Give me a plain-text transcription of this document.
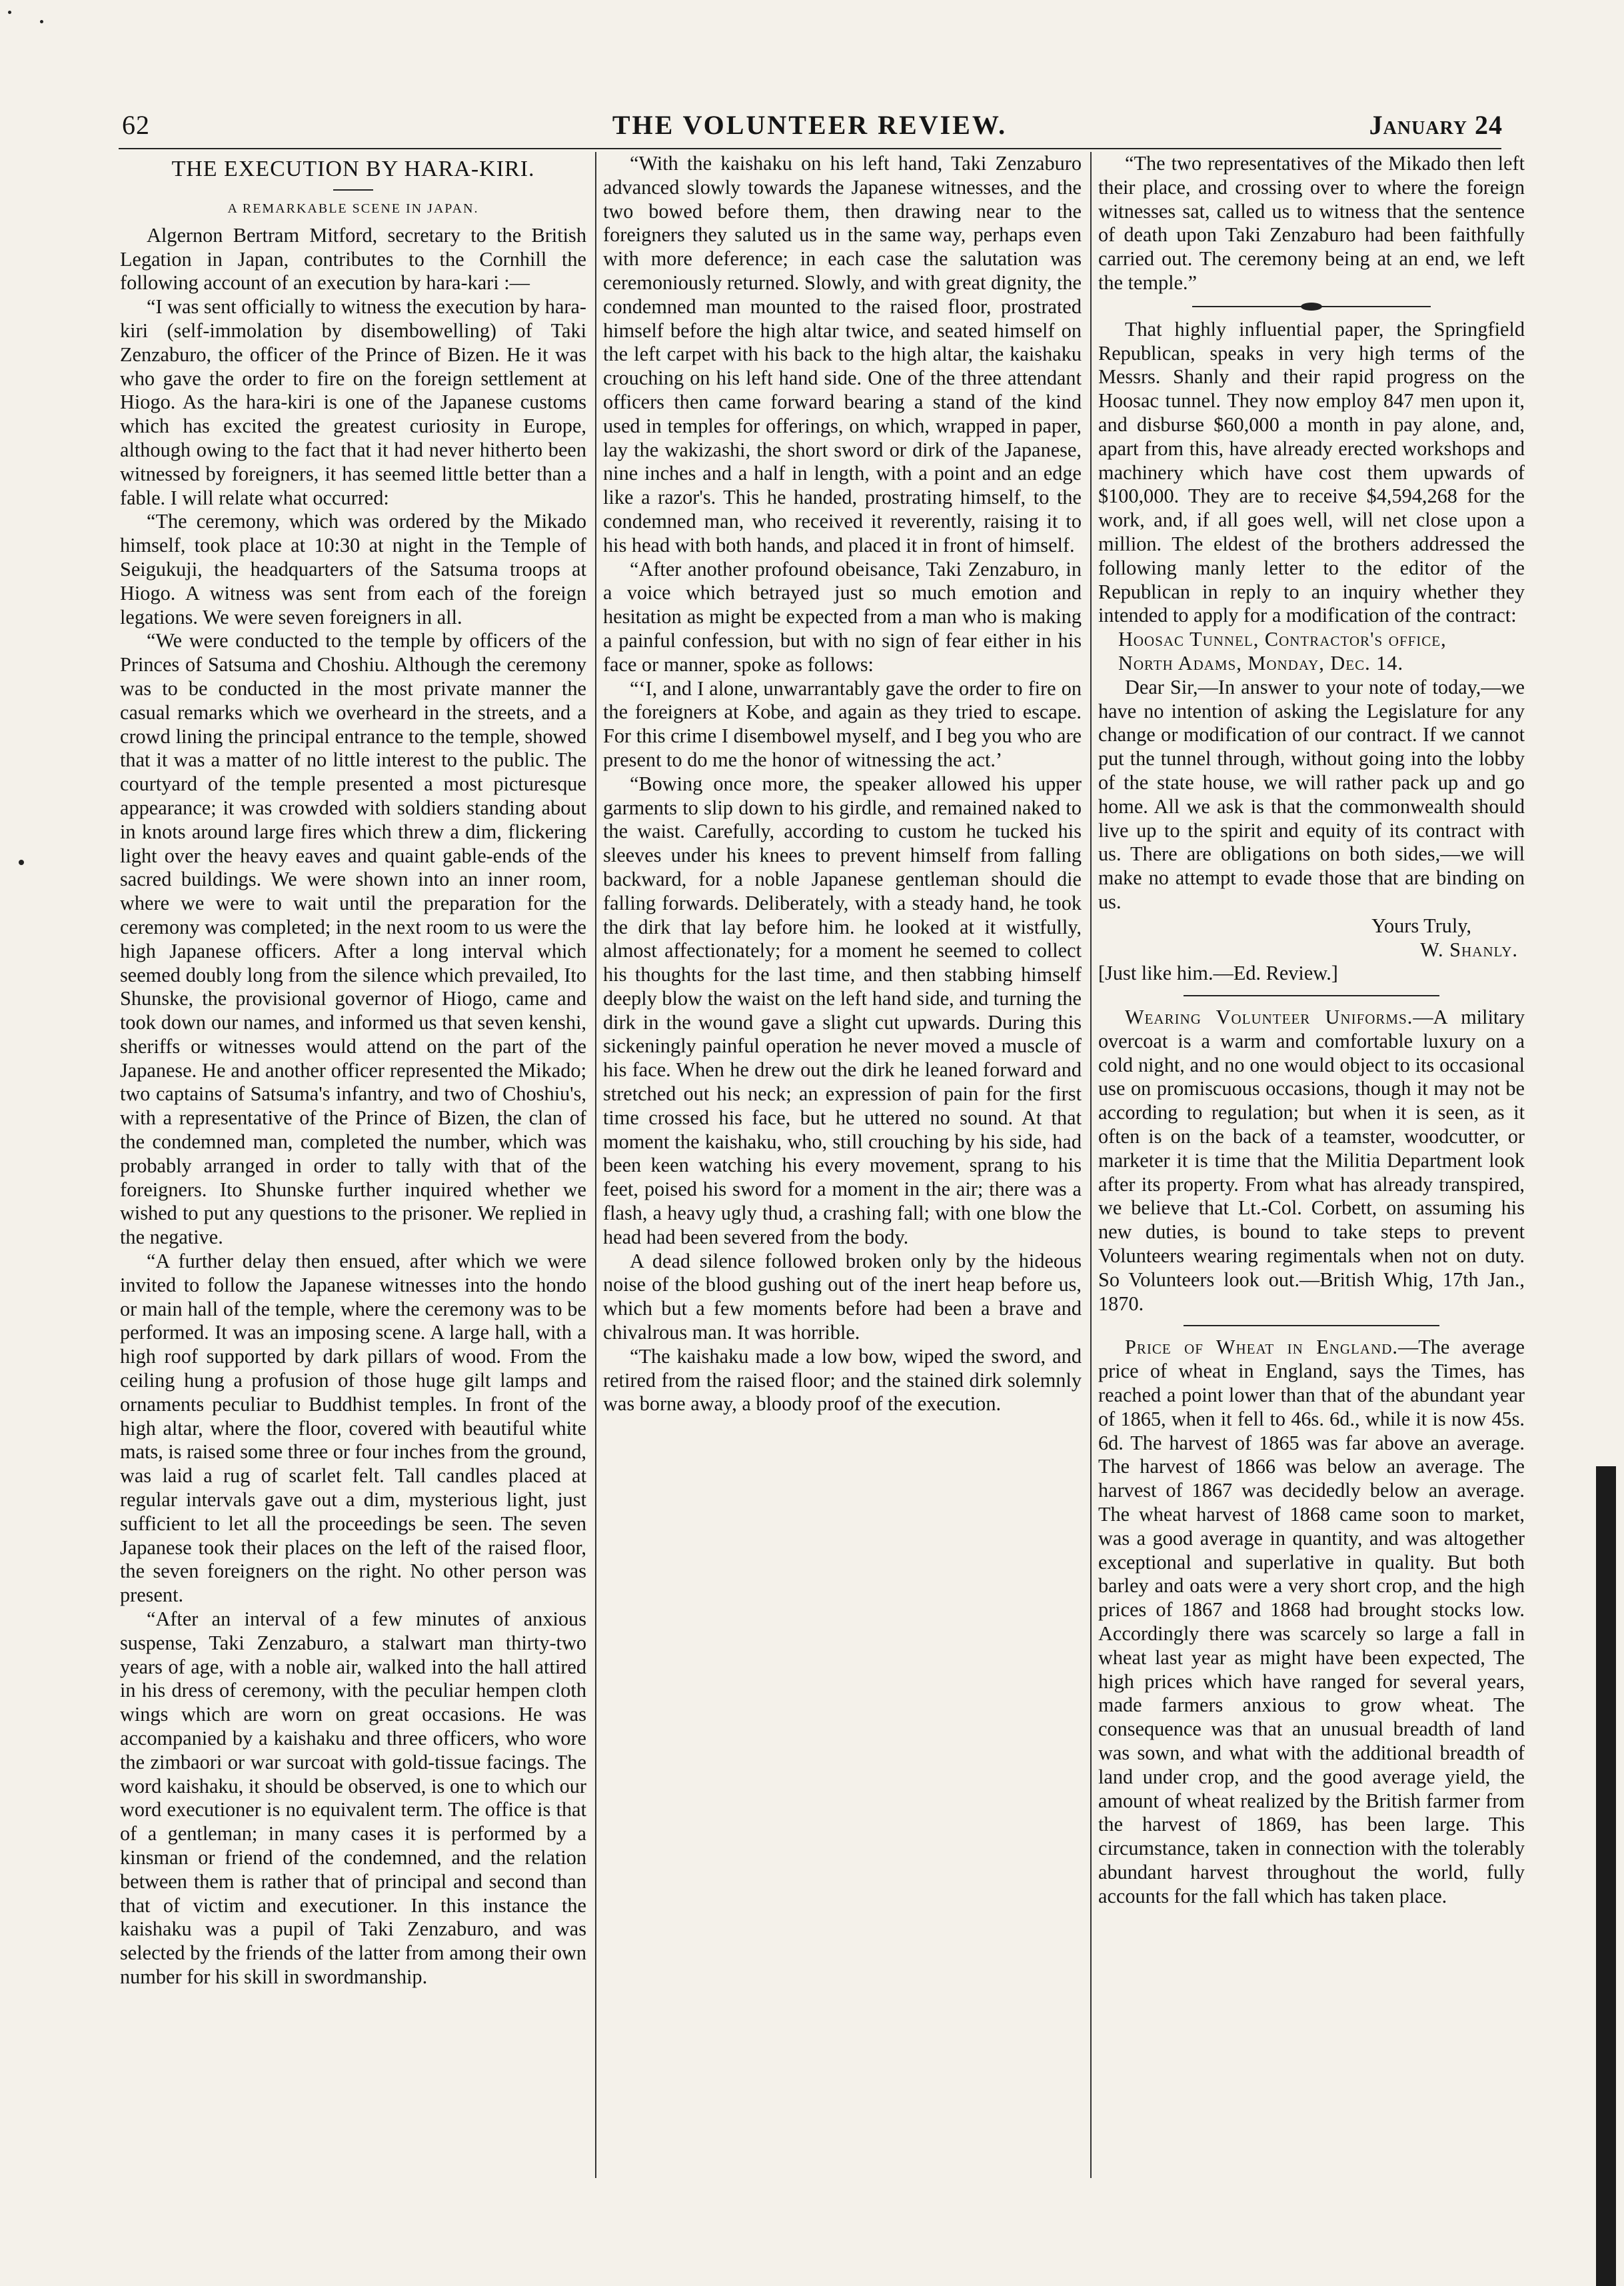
62	THE VOLUNTEER REVIEW.	January 24
THE EXECUTION BY HARA-KIRI.

A REMARKABLE SCENE IN JAPAN.

Algernon Bertram Mitford, secretary to the British Legation in Japan, contributes to the Cornhill the following account of an execution by hara-kari :—

“I was sent officially to witness the execution by hara-kiri (self-immolation by disembowelling) of Taki Zenzaburo, the officer of the Prince of Bizen. He it was who gave the order to fire on the foreign settlement at Hiogo. As the hara-kiri is one of the Japanese customs which has excited the greatest curiosity in Europe, although owing to the fact that it had never hitherto been witnessed by foreigners, it has seemed little better than a fable. I will relate what occurred:

“The ceremony, which was ordered by the Mikado himself, took place at 10:30 at night in the Temple of Seigukuji, the headquarters of the Satsuma troops at Hiogo. A witness was sent from each of the foreign legations. We were seven foreigners in all.

“We were conducted to the temple by officers of the Princes of Satsuma and Choshiu. Although the ceremony was to be conducted in the most private manner the casual remarks which we overheard in the streets, and a crowd lining the principal entrance to the temple, showed that it was a matter of no little interest to the public. The courtyard of the temple presented a most picturesque appearance; it was crowded with soldiers standing about in knots around large fires which threw a dim, flickering light over the heavy eaves and quaint gable-ends of the sacred buildings. We were shown into an inner room, where we were to wait until the preparation for the ceremony was completed; in the next room to us were the high Japanese officers. After a long interval which seemed doubly long from the silence which prevailed, Ito Shunske, the provisional governor of Hiogo, came and took down our names, and informed us that seven kenshi, sheriffs or witnesses would attend on the part of the Japanese. He and another officer represented the Mikado; two captains of Satsuma's infantry, and two of Choshiu's, with a representative of the Prince of Bizen, the clan of the condemned man, completed the number, which was probably arranged in order to tally with that of the foreigners. Ito Shunske further inquired whether we wished to put any questions to the prisoner. We replied in the negative.

“A further delay then ensued, after which we were invited to follow the Japanese witnesses into the hondo or main hall of the temple, where the ceremony was to be performed. It was an imposing scene. A large hall, with a high roof supported by dark pillars of wood. From the ceiling hung a profusion of those huge gilt lamps and ornaments peculiar to Buddhist temples. In front of the high altar, where the floor, covered with beautiful white mats, is raised some three or four inches from the ground, was laid a rug of scarlet felt. Tall candles placed at regular intervals gave out a dim, mysterious light, just sufficient to let all the proceedings be seen. The seven Japanese took their places on the left of the raised floor, the seven foreigners on the right. No other person was present.

“After an interval of a few minutes of anxious suspense, Taki Zenzaburo, a stalwart man thirty-two years of age, with a noble air, walked into the hall attired in his dress of ceremony, with the peculiar hempen cloth wings which are worn on great occasions. He was accompanied by a kaishaku and three officers, who wore the zimbaori or war surcoat with gold-tissue facings. The word kaishaku, it should be observed, is one to which our word executioner is no equivalent term. The office is that of a gentleman; in many cases it is performed by a kinsman or friend of the condemned, and the relation between them is rather that of principal and second than that of victim and executioner. In this instance the kaishaku was a pupil of Taki Zenzaburo, and was selected by the friends of the latter from among their own number for his skill in swordmanship.

“With the kaishaku on his left hand, Taki Zenzaburo advanced slowly towards the Japanese witnesses, and the two bowed before them, then drawing near to the foreigners they saluted us in the same way, perhaps even with more deference; in each case the salutation was ceremoniously returned. Slowly, and with great dignity, the condemned man mounted to the raised floor, prostrated himself before the high altar twice, and seated himself on the left carpet with his back to the high altar, the kaishaku crouching on his left hand side. One of the three attendant officers then came forward bearing a stand of the kind used in temples for offerings, on which, wrapped in paper, lay the wakizashi, the short sword or dirk of the Japanese, nine inches and a half in length, with a point and an edge like a razor's. This he handed, prostrating himself, to the condemned man, who received it reverently, raising it to his head with both hands, and placed it in front of himself.

“After another profound obeisance, Taki Zenzaburo, in a voice which betrayed just so much emotion and hesitation as might be expected from a man who is making a painful confession, but with no sign of fear either in his face or manner, spoke as follows:

“‘I, and I alone, unwarrantably gave the order to fire on the foreigners at Kobe, and again as they tried to escape. For this crime I disembowel myself, and I beg you who are present to do me the honor of witnessing the act.’

“Bowing once more, the speaker allowed his upper garments to slip down to his girdle, and remained naked to the waist. Carefully, according to custom he tucked his sleeves under his knees to prevent himself from falling backward, for a noble Japanese gentleman should die falling forwards. Deliberately, with a steady hand, he took the dirk that lay before him. he looked at it wistfully, almost affectionately; for a moment he seemed to collect his thoughts for the last time, and then stabbing himself deeply blow the waist on the left hand side, and turning the dirk in the wound gave a slight cut upwards. During this sickeningly painful operation he never moved a muscle of his face. When he drew out the dirk he leaned forward and stretched out his neck; an expression of pain for the first time crossed his face, but he uttered no sound. At that moment the kaishaku, who, still crouching by his side, had been keen watching his every movement, sprang to his feet, poised his sword for a moment in the air; there was a flash, a heavy ugly thud, a crashing fall; with one blow the head had been severed from the body.

A dead silence followed broken only by the hideous noise of the blood gushing out of the inert heap before us, which but a few moments before had been a brave and chivalrous man. It was horrible.

“The kaishaku made a low bow, wiped the sword, and retired from the raised floor; and the stained dirk solemnly was borne away, a bloody proof of the execution.

“The two representatives of the Mikado then left their place, and crossing over to where the foreign witnesses sat, called us to witness that the sentence of death upon Taki Zenzaburo had been faithfully carried out. The ceremony being at an end, we left the temple.”

That highly influential paper, the Springfield Republican, speaks in very high terms of the Messrs. Shanly and their rapid progress on the Hoosac tunnel. They now employ 847 men upon it, and disburse $60,000 a month in pay alone, and, apart from this, have already erected workshops and machinery which have cost them upwards of $100,000. They are to receive $4,594,268 for the work, and, if all goes well, will net close upon a million. The eldest of the brothers addressed the following manly letter to the editor of the Republican in reply to an inquiry whether they intended to apply for a modification of the contract:

Hoosac Tunnel, Contractor's office,

North Adams, Monday, Dec. 14.

Dear Sir,—In answer to your note of today,—we have no intention of asking the Legislature for any change or modification of our contract. If we cannot put the tunnel through, without going into the lobby of the state house, we will rather pack up and go home. All we ask is that the commonwealth should live up to the spirit and equity of its contract with us. There are obligations on both sides,—we will make no attempt to evade those that are binding on us.

Yours Truly,

W. Shanly.

[Just like him.—Ed. Review.]

Wearing Volunteer Uniforms.—A military overcoat is a warm and comfortable luxury on a cold night, and no one would object to its occasional use on promiscuous occasions, though it may not be according to regulation; but when it is seen, as it often is on the back of a teamster, woodcutter, or marketer it is time that the Militia Department look after its property. From what has already transpired, we believe that Lt.-Col. Corbett, on assuming his new duties, is bound to take steps to prevent Volunteers wearing regimentals when not on duty. So Volunteers look out.—British Whig, 17th Jan., 1870.

Price of Wheat in England.—The average price of wheat in England, says the Times, has reached a point lower than that of the abundant year of 1865, when it fell to 46s. 6d., while it is now 45s. 6d. The harvest of 1865 was far above an average. The harvest of 1866 was below an average. The harvest of 1867 was decidedly below an average. The wheat harvest of 1868 came soon to market, was a good average in quantity, and was altogether exceptional and superlative in quality. But both barley and oats were a very short crop, and the high prices of 1867 and 1868 had brought stocks low. Accordingly there was scarcely so large a fall in wheat last year as might have been expected, The high prices which have ranged for several years, made farmers anxious to grow wheat. The consequence was that an unusual breadth of land was sown, and what with the additional breadth of land under crop, and the good average yield, the amount of wheat realized by the British farmer from the harvest of 1869, has been large. This circumstance, taken in connection with the tolerably abundant harvest throughout the world, fully accounts for the fall which has taken place.
